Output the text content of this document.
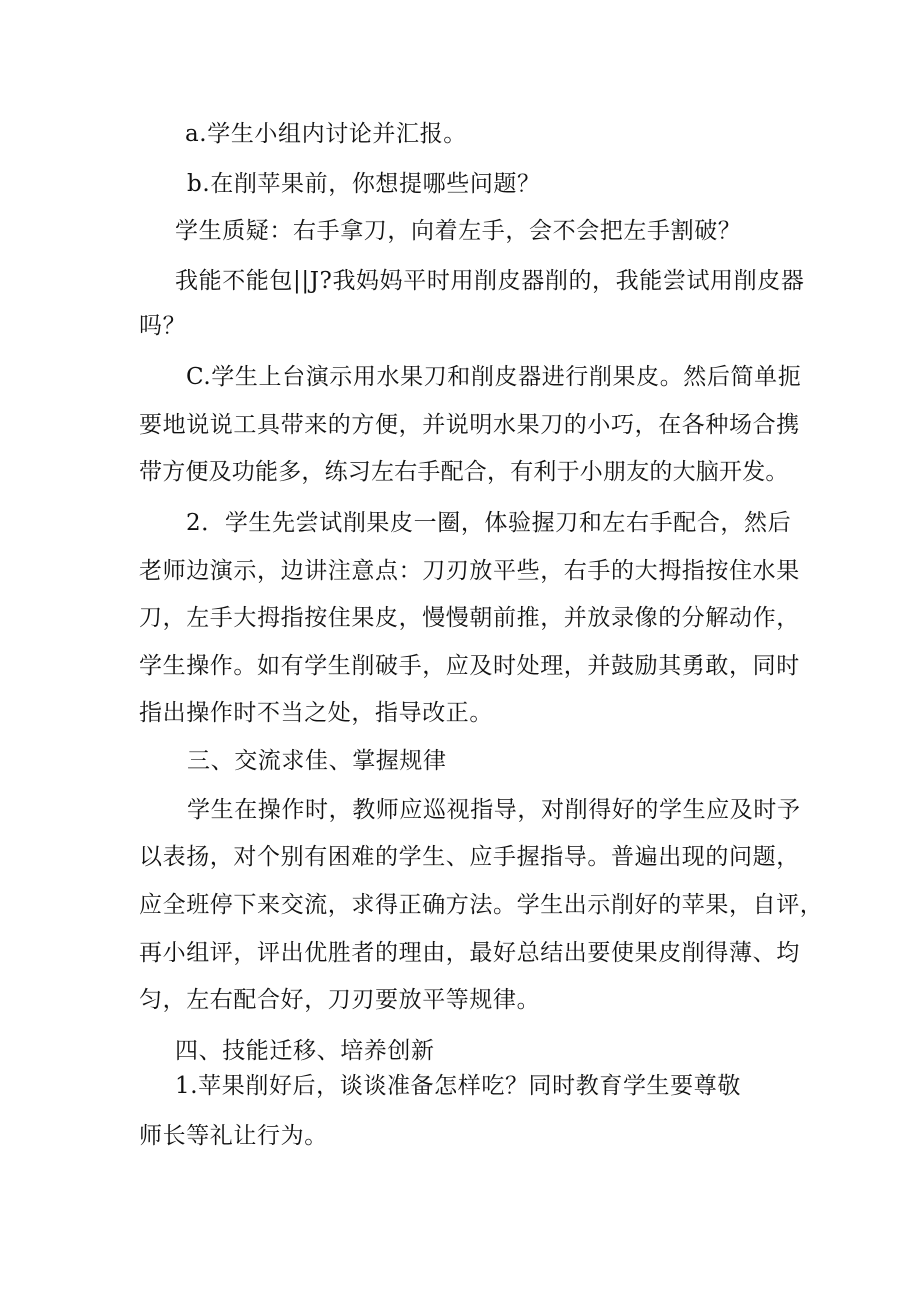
a.学生小组内讨论并汇报。
b.在削苹果前，你想提哪些问题？
学生质疑：右手拿刀，向着左手，会不会把左手割破？
我能不能包||J?我妈妈平时用削皮器削的，我能尝试用削皮器
吗？
C.学生上台演示用水果刀和削皮器进行削果皮。然后简单扼
要地说说工具带来的方便，并说明水果刀的小巧，在各种场合携
带方便及功能多，练习左右手配合，有利于小朋友的大脑开发。
2．学生先尝试削果皮一圈，体验握刀和左右手配合，然后
老师边演示，边讲注意点：刀刃放平些，右手的大拇指按住水果
刀，左手大拇指按住果皮，慢慢朝前推，并放录像的分解动作，
学生操作。如有学生削破手，应及时处理，并鼓励其勇敢，同时
指出操作时不当之处，指导改正。
三、交流求佳、掌握规律
学生在操作时，教师应巡视指导，对削得好的学生应及时予
以表扬，对个别有困难的学生、应手握指导。普遍出现的问题，
应全班停下来交流，求得正确方法。学生出示削好的苹果，自评，
再小组评，评出优胜者的理由，最好总结出要使果皮削得薄、均
匀，左右配合好，刀刃要放平等规律。
四、技能迁移、培养创新
1.苹果削好后，谈谈准备怎样吃？同时教育学生要尊敬
师长等礼让行为。
